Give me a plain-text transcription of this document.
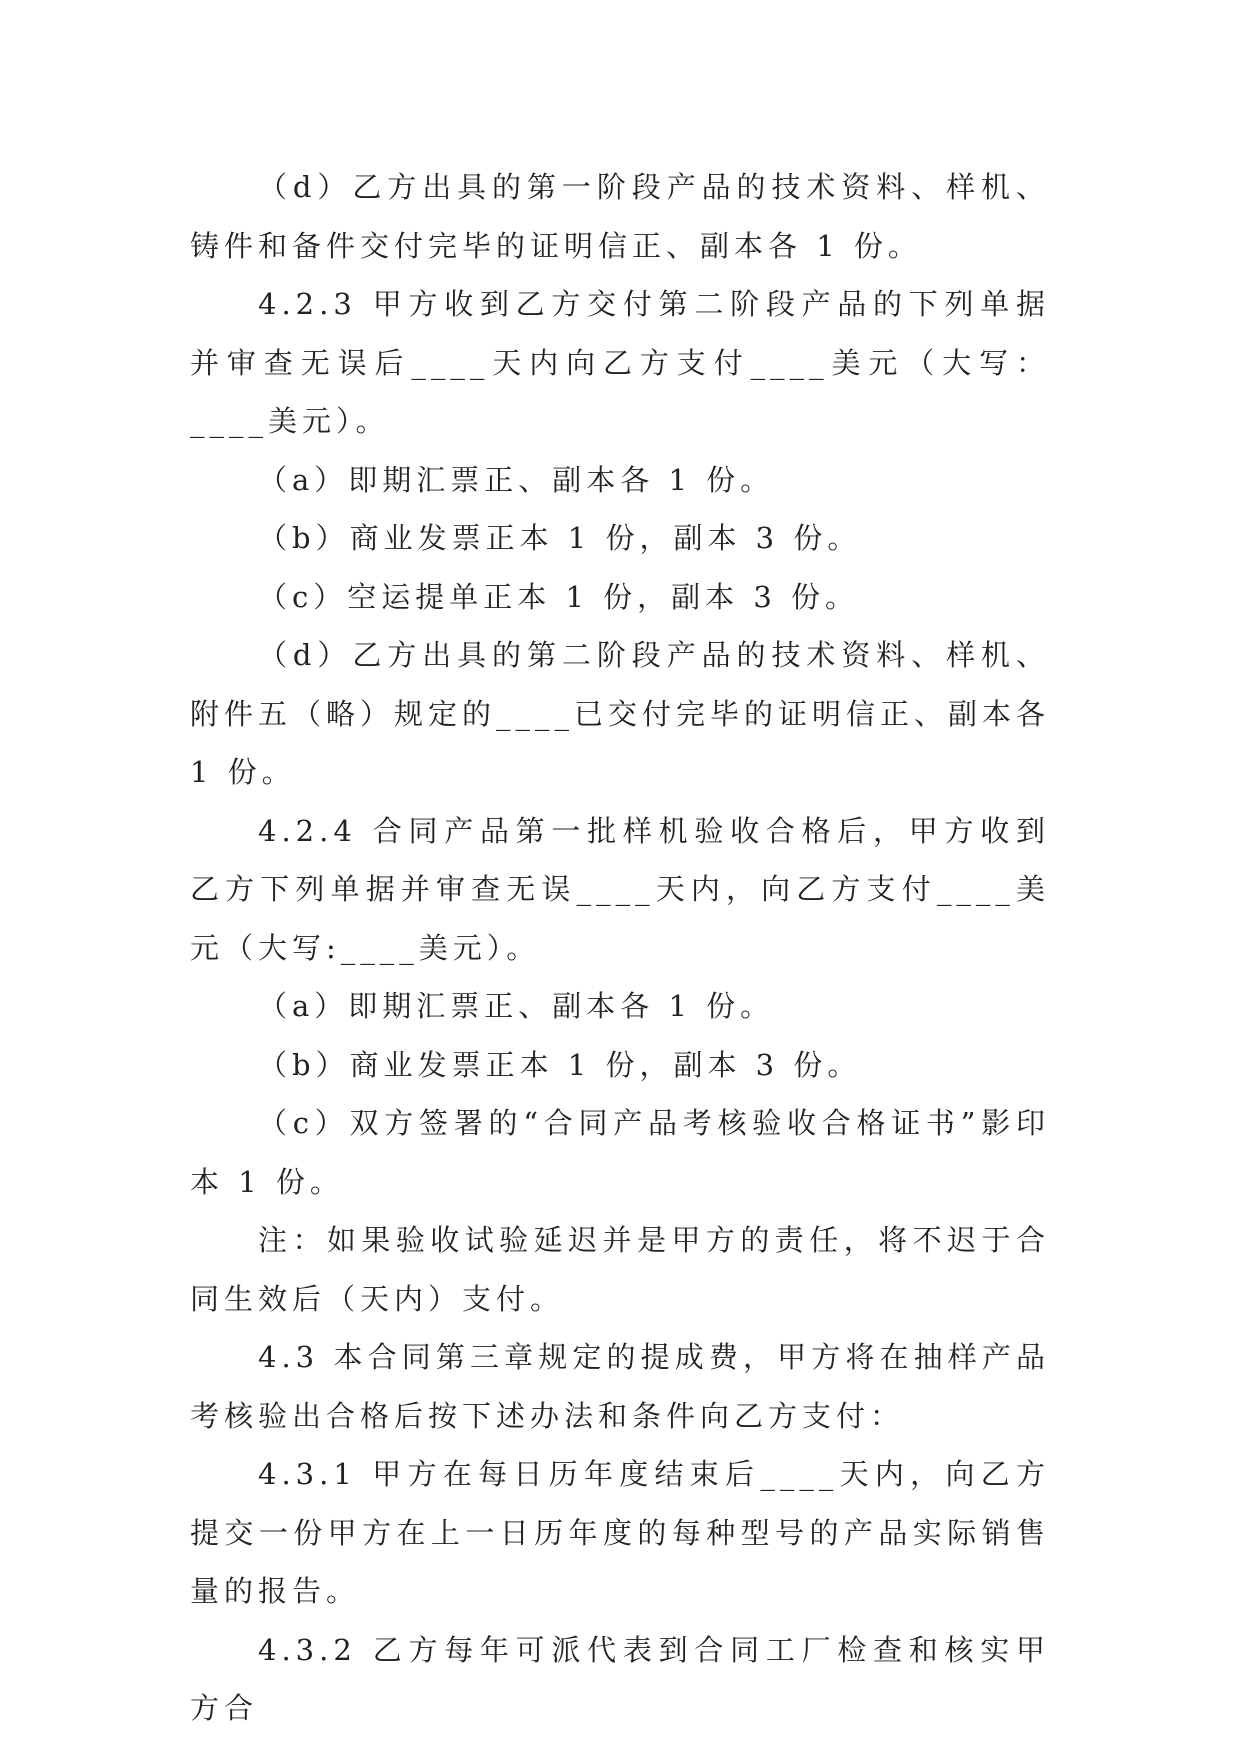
（d）乙方出具的第一阶段产品的技术资料、样机、铸件和备件交付完毕的证明信正、副本各 1 份。

4.2.3 甲方收到乙方交付第二阶段产品的下列单据并审查无误后____天内向乙方支付____美元（大写：____美元）。

（a）即期汇票正、副本各 1 份。

（b）商业发票正本 1 份，副本 3 份。

（c）空运提单正本 1 份，副本 3 份。

（d）乙方出具的第二阶段产品的技术资料、样机、附件五（略）规定的____已交付完毕的证明信正、副本各 1 份。

4.2.4 合同产品第一批样机验收合格后，甲方收到乙方下列单据并审查无误____天内，向乙方支付____美元（大写:____美元）。

（a）即期汇票正、副本各 1 份。

（b）商业发票正本 1 份，副本 3 份。

（c）双方签署的“合同产品考核验收合格证书”影印本 1 份。

注：如果验收试验延迟并是甲方的责任，将不迟于合同生效后（天内）支付。

4.3 本合同第三章规定的提成费，甲方将在抽样产品考核验出合格后按下述办法和条件向乙方支付：

4.3.1 甲方在每日历年度结束后____天内，向乙方提交一份甲方在上一日历年度的每种型号的产品实际销售量的报告。

4.3.2 乙方每年可派代表到合同工厂检查和核实甲方合
